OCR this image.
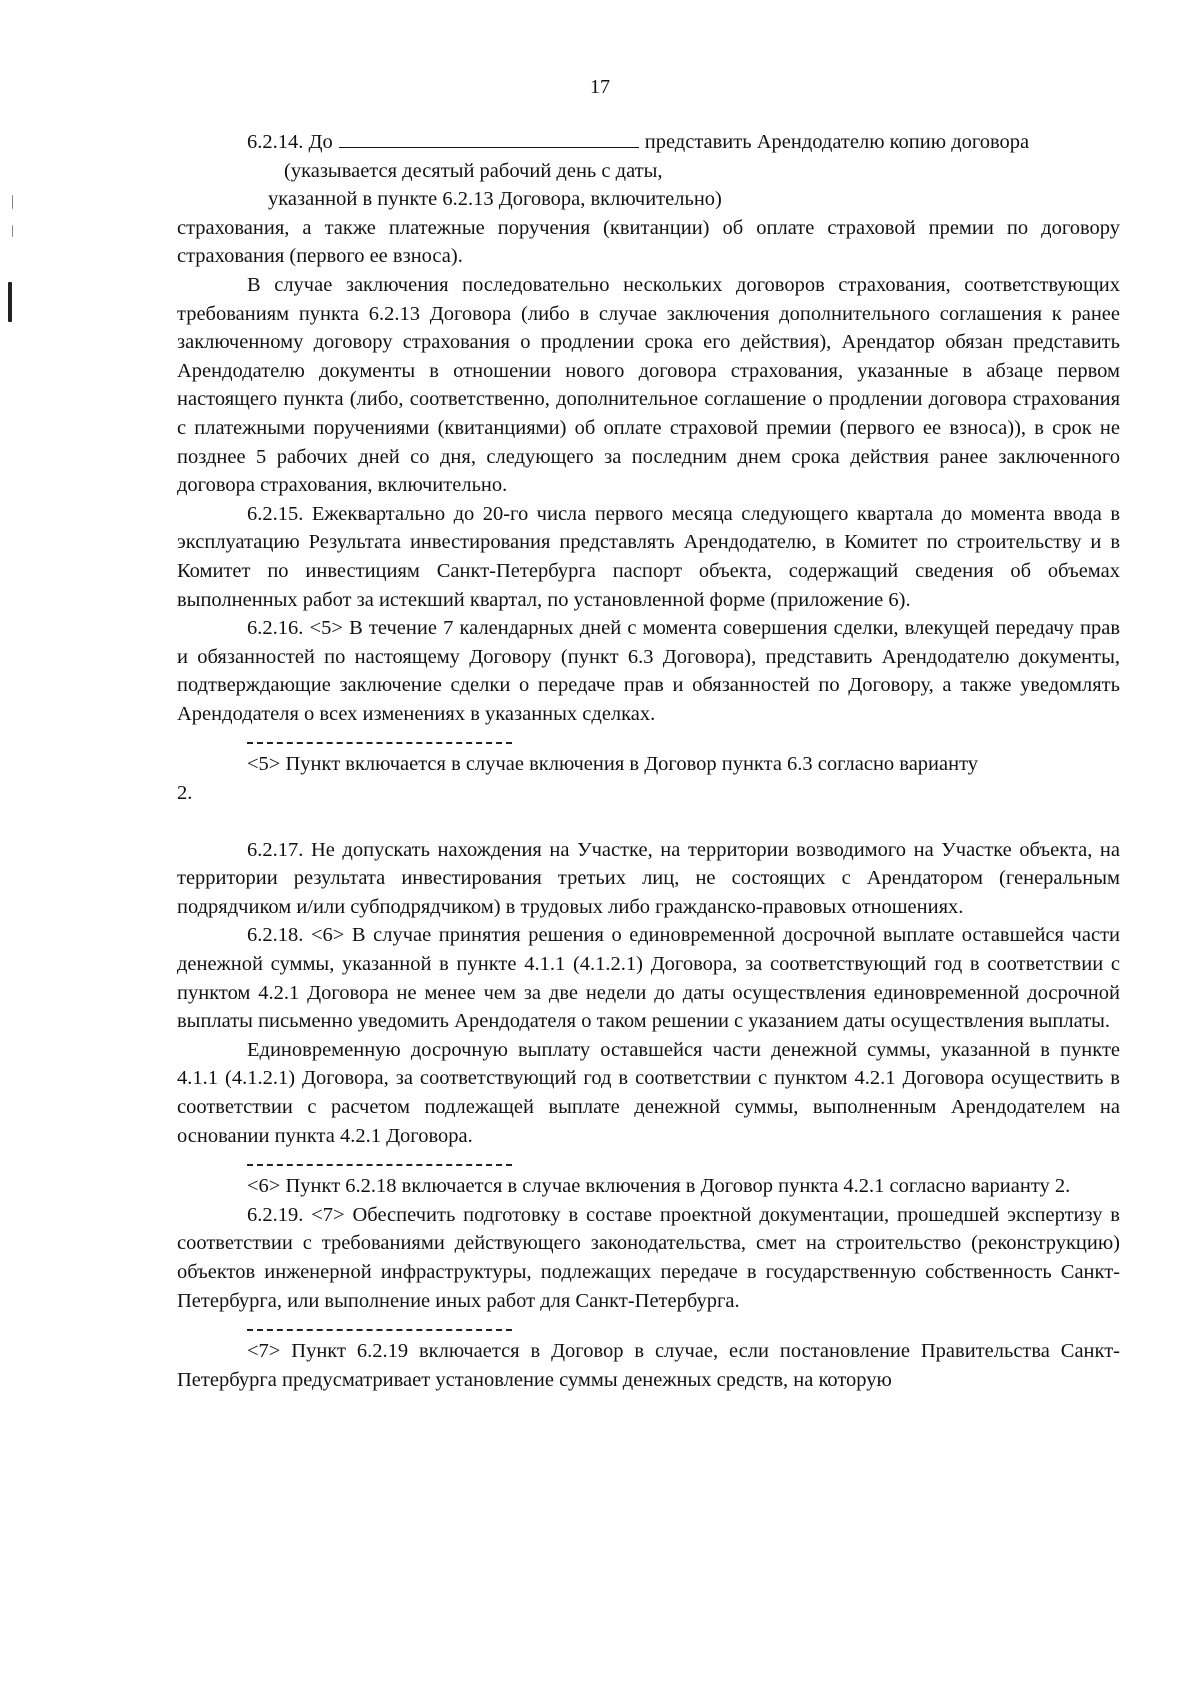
17

6.2.14. До	представить Арендодателю копию договора

(указывается десятый рабочий день с даты,

указанной в пункте 6.2.13 Договора, включительно)

страхования, а также платежные поручения (квитанции) об оплате страховой премии по договору страхования (первого ее взноса).

В случае заключения последовательно нескольких договоров страхования, соответствующих требованиям пункта 6.2.13 Договора (либо в случае заключения дополнительного соглашения к ранее заключенному договору страхования о продлении срока его действия), Арендатор обязан представить Арендодателю документы в отношении нового договора страхования, указанные в абзаце первом настоящего пункта (либо, соответственно, дополнительное соглашение о продлении договора страхования с платежными поручениями (квитанциями) об оплате страховой премии (первого ее взноса)), в срок не позднее 5 рабочих дней со дня, следующего за последним днем срока действия ранее заключенного договора страхования, включительно.

6.2.15. Ежеквартально до 20-го числа первого месяца следующего квартала до момента ввода в эксплуатацию Результата инвестирования представлять Арендодателю, в Комитет по строительству и в Комитет по инвестициям Санкт-Петербурга паспорт объекта, содержащий сведения об объемах выполненных работ за истекший квартал, по установленной форме (приложение 6).

6.2.16. <5> В течение 7 календарных дней с момента совершения сделки, влекущей передачу прав и обязанностей по настоящему Договору (пункт 6.3 Договора), представить Арендодателю документы, подтверждающие заключение сделки о передаче прав и обязанностей по Договору, а также уведомлять Арендодателя о всех изменениях в указанных сделках.

<5> Пункт включается в случае включения в Договор пункта 6.3 согласно варианту

2.

6.2.17. Не допускать нахождения на Участке, на территории возводимого на Участке объекта, на территории результата инвестирования третьих лиц, не состоящих с Арендатором (генеральным подрядчиком и/или субподрядчиком) в трудовых либо гражданско-правовых отношениях.

6.2.18. <6> В случае принятия решения о единовременной досрочной выплате оставшейся части денежной суммы, указанной в пункте 4.1.1 (4.1.2.1) Договора, за соответствующий год в соответствии с пунктом 4.2.1 Договора не менее чем за две недели до даты осуществления единовременной досрочной выплаты письменно уведомить Арендодателя о таком решении с указанием даты осуществления выплаты.

Единовременную досрочную выплату оставшейся части денежной суммы, указанной в пункте 4.1.1 (4.1.2.1) Договора, за соответствующий год в соответствии с пунктом 4.2.1 Договора осуществить в соответствии с расчетом подлежащей выплате денежной суммы, выполненным Арендодателем на основании пункта 4.2.1 Договора.

<6> Пункт 6.2.18 включается в случае включения в Договор пункта 4.2.1 согласно варианту 2.

6.2.19. <7> Обеспечить подготовку в составе проектной документации, прошедшей экспертизу в соответствии с требованиями действующего законодательства, смет на строительство (реконструкцию) объектов инженерной инфраструктуры, подлежащих передаче в государственную собственность Санкт-Петербурга, или выполнение иных работ для Санкт-Петербурга.

<7> Пункт 6.2.19 включается в Договор в случае, если постановление Правительства Санкт-Петербурга предусматривает установление суммы денежных средств, на которую
